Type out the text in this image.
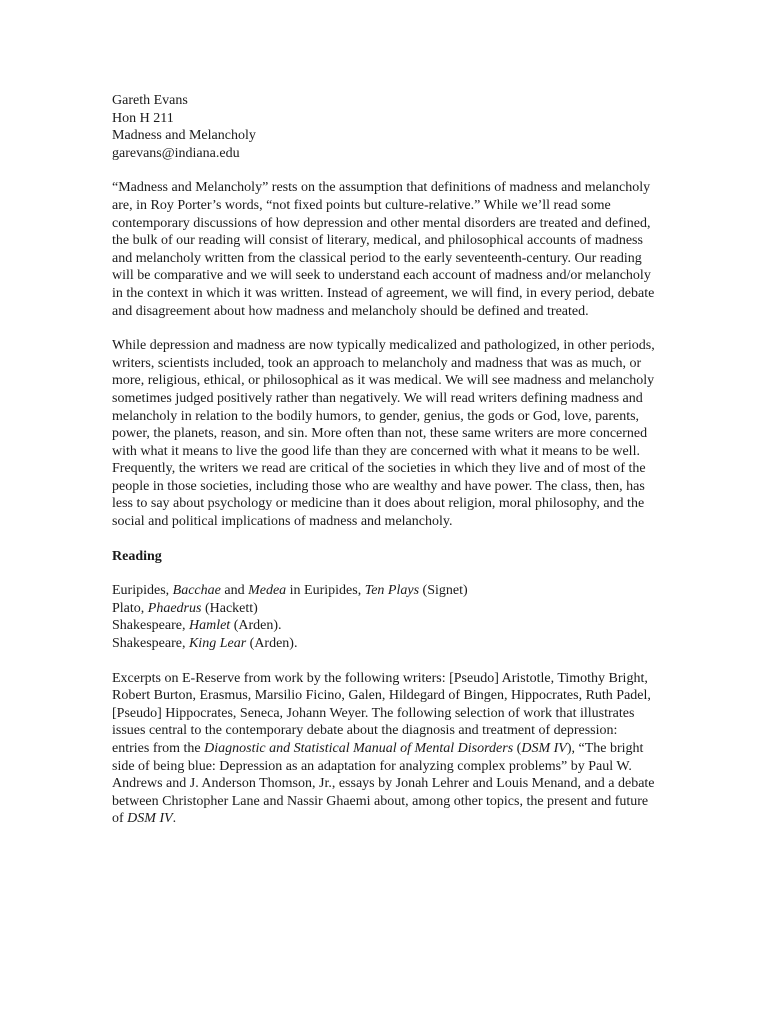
Gareth Evans
Hon H 211
Madness and Melancholy
garevans@indiana.edu

“Madness and Melancholy” rests on the assumption that definitions of madness and melancholy are, in Roy Porter’s words, “not fixed points but culture-relative.” While we’ll read some contemporary discussions of how depression and other mental disorders are treated and defined, the bulk of our reading will consist of literary, medical, and philosophical accounts of madness and melancholy written from the classical period to the early seventeenth-century. Our reading will be comparative and we will seek to understand each account of madness and/or melancholy in the context in which it was written. Instead of agreement, we will find, in every period, debate and disagreement about how madness and melancholy should be defined and treated.

While depression and madness are now typically medicalized and pathologized, in other periods, writers, scientists included, took an approach to melancholy and madness that was as much, or more, religious, ethical, or philosophical as it was medical. We will see madness and melancholy sometimes judged positively rather than negatively. We will read writers defining madness and melancholy in relation to the bodily humors, to gender, genius, the gods or God, love, parents, power, the planets, reason, and sin. More often than not, these same writers are more concerned with what it means to live the good life than they are concerned with what it means to be well. Frequently, the writers we read are critical of the societies in which they live and of most of the people in those societies, including those who are wealthy and have power. The class, then, has less to say about psychology or medicine than it does about religion, moral philosophy, and the social and political implications of madness and melancholy.

Reading
Euripides, Bacchae and Medea in Euripides, Ten Plays (Signet)
Plato, Phaedrus (Hackett)
Shakespeare, Hamlet (Arden).
Shakespeare, King Lear (Arden).

Excerpts on E-Reserve from work by the following writers: [Pseudo] Aristotle, Timothy Bright, Robert Burton, Erasmus, Marsilio Ficino, Galen, Hildegard of Bingen, Hippocrates, Ruth Padel, [Pseudo] Hippocrates, Seneca, Johann Weyer. The following selection of work that illustrates issues central to the contemporary debate about the diagnosis and treatment of depression: entries from the Diagnostic and Statistical Manual of Mental Disorders (DSM IV), “The bright side of being blue: Depression as an adaptation for analyzing complex problems” by Paul W. Andrews and J. Anderson Thomson, Jr., essays by Jonah Lehrer and Louis Menand, and a debate between Christopher Lane and Nassir Ghaemi about, among other topics, the present and future of DSM IV.
